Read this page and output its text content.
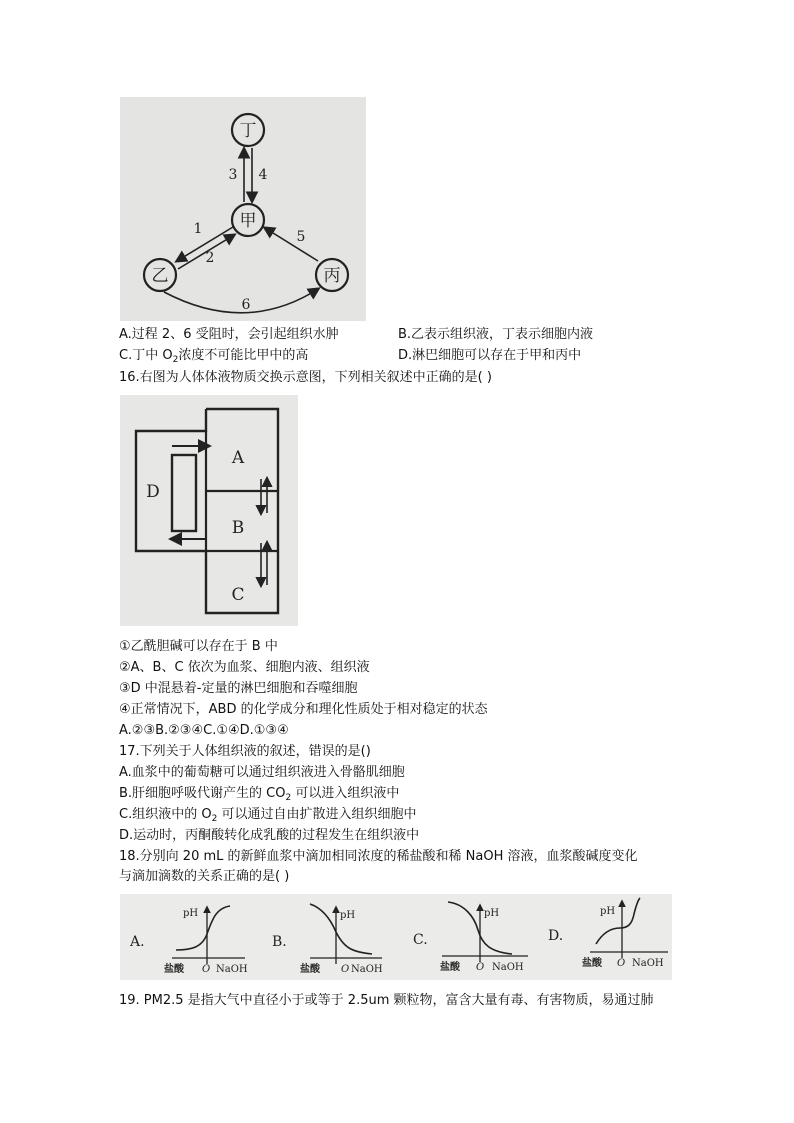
丁
甲
乙	丙
3 4
1
2
5
6
A.过程 2、6 受阻时，会引起组织水肿	B.乙表示组织液，丁表示细胞内液
C.丁中 $O_2$浓度不可能比甲中的高	D.淋巴细胞可以存在于甲和丙中
16.右图为人体体液物质交换示意图，下列相关叙述中正确的是( )
D
A
B
C
①乙酰胆碱可以存在于 B 中
②A、B、C 依次为血浆、细胞内液、组织液
③D 中混悬着-定量的淋巴细胞和吞噬细胞
④正常情况下，ABD 的化学成分和理化性质处于相对稳定的状态
A.②③B.②③④C.①④D.①③④
17.下列关于人体组织液的叙述，错误的是()
A.血浆中的葡萄糖可以通过组织液进入骨骼肌细胞
B.肝细胞呼吸代谢产生的 $CO_2$ 可以进入组织液中
C.组织液中的 $O_2$ 可以通过自由扩散进入组织细胞中
D.运动时，丙酮酸转化成乳酸的过程发生在组织液中
18.分别向 20 mL 的新鲜血浆中滴加相同浓度的稀盐酸和稀 NaOH 溶液，血浆酸碱度变化
与滴加滴数的关系正确的是( )
A.
pH
O
盐酸	NaOH
B.
pH
O
盐酸	NaOH
C.
pH
O
盐酸	NaOH
D.
pH
O
盐酸	NaOH
19. PM2.5 是指大气中直径小于或等于 2.5um 颗粒物，富含大量有毒、有害物质，易通过肺
